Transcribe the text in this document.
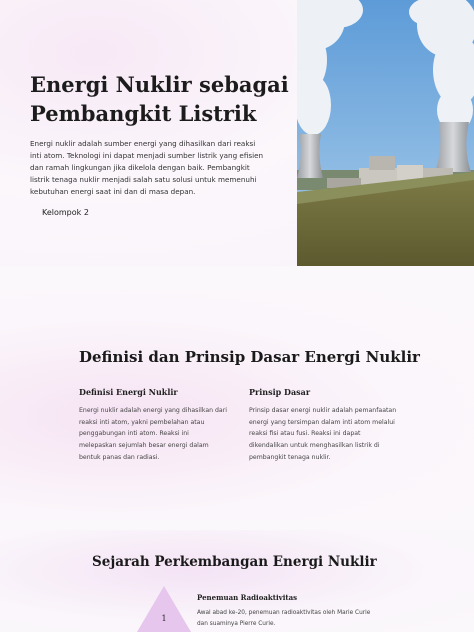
Energi Nuklir sebagai Pembangkit Listrik
Energi nuklir adalah sumber energi yang dihasilkan dari reaksi inti atom. Teknologi ini dapat menjadi sumber listrik yang efisien dan ramah lingkungan jika dikelola dengan baik. Pembangkit listrik tenaga nuklir menjadi salah satu solusi untuk memenuhi kebutuhan energi saat ini dan di masa depan.
Kelompok 2
Definisi dan Prinsip Dasar Energi Nuklir
Definisi Energi Nuklir
Energi nuklir adalah energi yang dihasilkan dari reaksi inti atom, yakni pembelahan atau penggabungan inti atom. Reaksi ini melepaskan sejumlah besar energi dalam bentuk panas dan radiasi.
Prinsip Dasar
Prinsip dasar energi nuklir adalah pemanfaatan energi yang tersimpan dalam inti atom melalui reaksi fisi atau fusi. Reaksi ini dapat dikendalikan untuk menghasilkan listrik di pembangkit tenaga nuklir.
Sejarah Perkembangan Energi Nuklir
1
Penemuan Radioaktivitas
Awal abad ke-20, penemuan radioaktivitas oleh Marie Curie dan suaminya Pierre Curie.
